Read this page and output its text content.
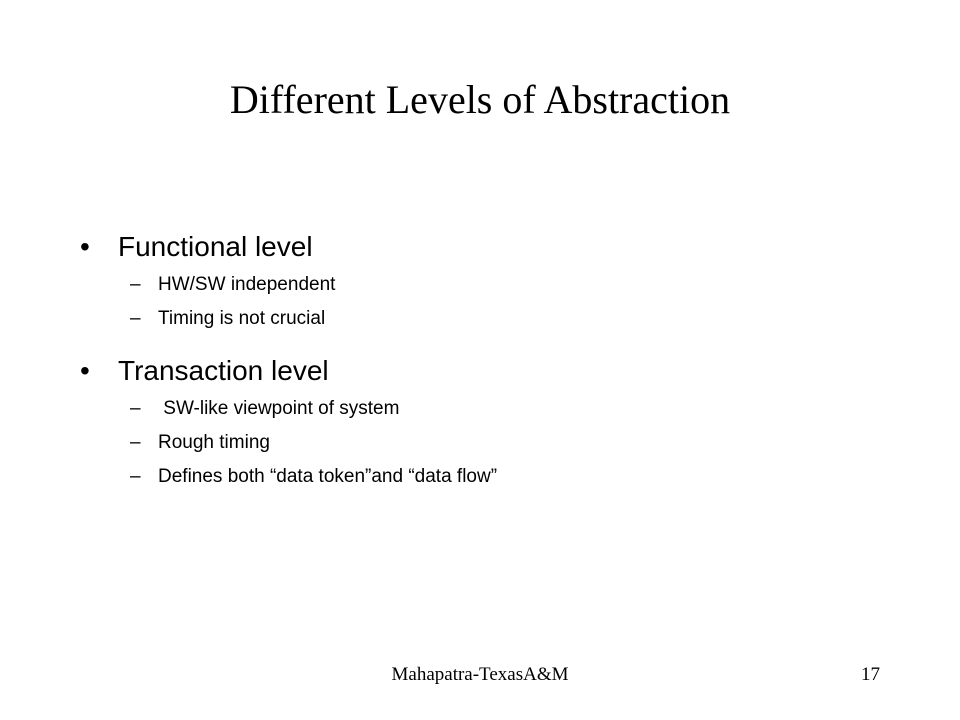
Different Levels of Abstraction
•	Functional level
– HW/SW independent
– Timing is not crucial
•	Transaction level
– SW-like viewpoint of system
– Rough timing
– Defines both “data token”and “data flow”
Mahapatra-TexasA&M	17
